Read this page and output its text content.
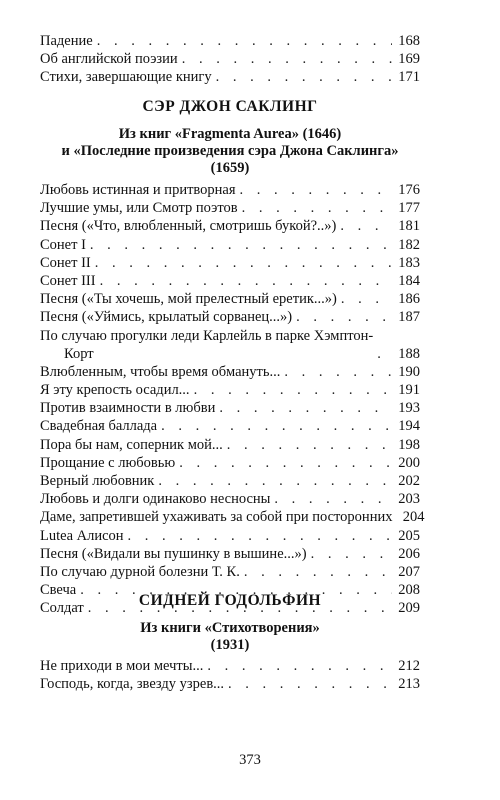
Падение . . .	168
Об английской поэзии . . .	169
Стихи, завершающие книгу . . .	171
СЭР ДЖОН САКЛИНГ
Из книг «Fragmenta Aurea» (1646)
и «Последние произведения сэра Джона Саклинга»
(1659)
Любовь истинная и притворная . . .	176
Лучшие умы, или Смотр поэтов . . .	177
Песня («Что, влюбленный, смотришь букой?..») . . .	181
Сонет I . . .	182
Сонет II . . .	183
Сонет III . . .	184
Песня («Ты хочешь, мой прелестный еретик...») . . .	186
Песня («Уймись, крылатый сорванец...») . . .	187
По случаю прогулки леди Карлейль в парке Хэмптон-
Корт . . .	188
Влюбленным, чтобы время обмануть... . . .	190
Я эту крепость осадил... . . .	191
Против взаимности в любви . . .	193
Свадебная баллада . . .	194
Пора бы нам, соперник мой... . . .	198
Прощание с любовью . . .	200
Верный любовник . . .	202
Любовь и долги одинаково несносны . . .	203
Даме, запретившей ухаживать за собой при посторонних 204
Lutea Алисон . . .	205
Песня («Видали вы пушинку в вышине...») . . .	206
По случаю дурной болезни Т. К. . . .	207
Свеча . . .	208
Солдат . . .	209
СИДНЕЙ ГОДОЛЬФИН
Из книги «Стихотворения»
(1931)
Не приходи в мои мечты... . . .	212
Господь, когда, звезду узрев... . . .	213
373
